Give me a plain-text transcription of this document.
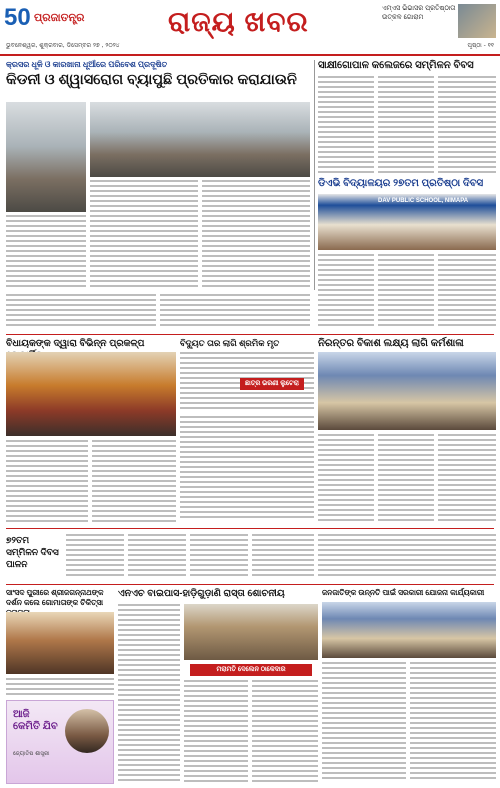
50 ପ୍ରଜାତନ୍ତ୍ର
ଭୁବନେଶ୍ୱର, ଶୁକ୍ରବାର, ଡିସେମ୍ବର ୨୭ , ୨୦୨୪
ରାଜ୍ୟ ଖବର	ଏମ୍‌ଏସ ଭିଭାସର ପ୍ରତିଷ୍ଠାତା ଉତ୍କଳ ଗୋରାମ
ପୃଷ୍ଠା - ୧୧
କ୍ରସର ଧୂଳି ଓ କାରଖାନା ଧୂଆଁରେ ପରିବେଶ ପ୍ରଦୂଷିତ
କିଡନୀ ଓ ଶ୍ୱାସରୋଗ ବ୍ୟାପୁଛି ପ୍ରତିକାର କରାଯାଉନି
ସାକ୍ଷୀଗୋପାଳ କଲେଜରେ ସମ୍ମିଳନ ବିବସ
ଡିଏଭି ବିଦ୍ୟାଳୟର ୨୭ତମ ପ୍ରତିଷ୍ଠା ଦିବସ
DAV PUBLIC SCHOOL, NIMAPA
ବିଧାୟକଙ୍କ ଦ୍ୱାରା ବିଭିନ୍ନ ପ୍ରକଳ୍ପ	ବିଦ୍ୟୁତ ତାର ଲାଗି ଶ୍ରମିକ ମୃତ
ଛାତ୍ର ଭରଣୀ ଲୁଟେରା
ନିରନ୍ତର ବିକାଶ ଲକ୍ଷ୍ୟ ଲାଗି କର୍ମଶାଳା
୭୨ତମ ସମ୍ମିଳନ ଦିବସ ପାଳନ
ସାଂସଦ ପୁରୀରେ ଶ୍ରୀଜଗନ୍ନାଥଙ୍କ ଦର୍ଶନ କଲେ ଗୋମାତାଙ୍କ ଚିକିତ୍ସା
ଆଜି କେମିତି ଯିବ
ଜ୍ୟୋତିଷ ଶାସ୍ତ୍ରୀ
ଏନଏଚ ବାଇପାସ-ହାଡ଼ିଗୁଡ଼ାଣି ରାସ୍ତା ଶୋଚନୀୟ
ମରାମତି ଦେଲେନ ଠାକେଦାର
ଜନଜାତିଙ୍କ ଉନ୍ନତି ପାଇଁ ସରକାରୀ ଯୋଜନା କାର୍ଯ୍ୟକାରୀ
